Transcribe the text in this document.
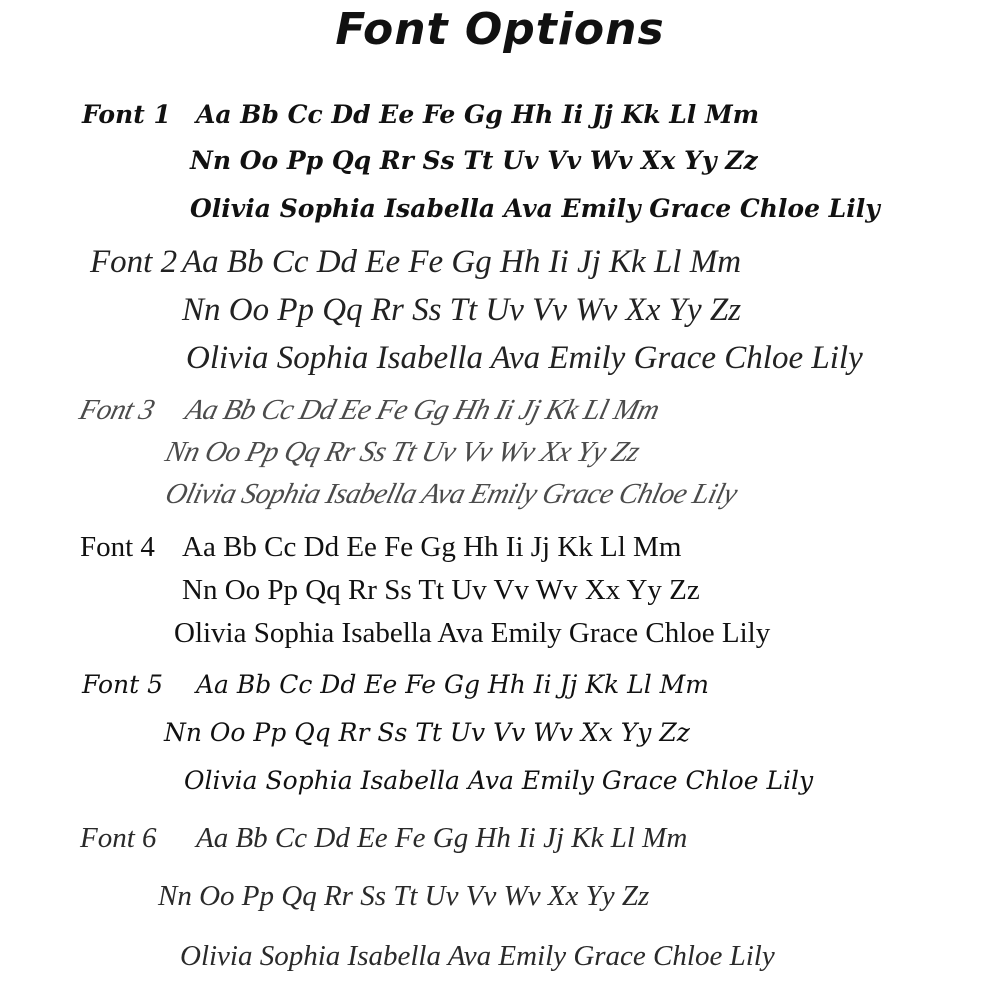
Font Options
Font 1 Aa Bb Cc Dd Ee Fe Gg Hh Ii Jj Kk Ll Mm
Nn Oo Pp Qq Rr Ss Tt Uv Vv Wv Xx Yy Zz
Olivia Sophia Isabella Ava Emily Grace Chloe Lily
Font 2 Aa Bb Cc Dd Ee Fe Gg Hh Ii Jj Kk Ll Mm
Nn Oo Pp Qq Rr Ss Tt Uv Vv Wv Xx Yy Zz
Olivia Sophia Isabella Ava Emily Grace Chloe Lily
Font 3 Aa Bb Cc Dd Ee Fe Gg Hh Ii Jj Kk Ll Mm
Nn Oo Pp Qq Rr Ss Tt Uv Vv Wv Xx Yy Zz
Olivia Sophia Isabella Ava Emily Grace Chloe Lily
Font 4 Aa Bb Cc Dd Ee Fe Gg Hh Ii Jj Kk Ll Mm
Nn Oo Pp Qq Rr Ss Tt Uv Vv Wv Xx Yy Zz
Olivia Sophia Isabella Ava Emily Grace Chloe Lily
Font 5 Aa Bb Cc Dd Ee Fe Gg Hh Ii Jj Kk Ll Mm
Nn Oo Pp Qq Rr Ss Tt Uv Vv Wv Xx Yy Zz
Olivia Sophia Isabella Ava Emily Grace Chloe Lily
Font 6 Aa Bb Cc Dd Ee Fe Gg Hh Ii Jj Kk Ll Mm
Nn Oo Pp Qq Rr Ss Tt Uv Vv Wv Xx Yy Zz
Olivia Sophia Isabella Ava Emily Grace Chloe Lily
